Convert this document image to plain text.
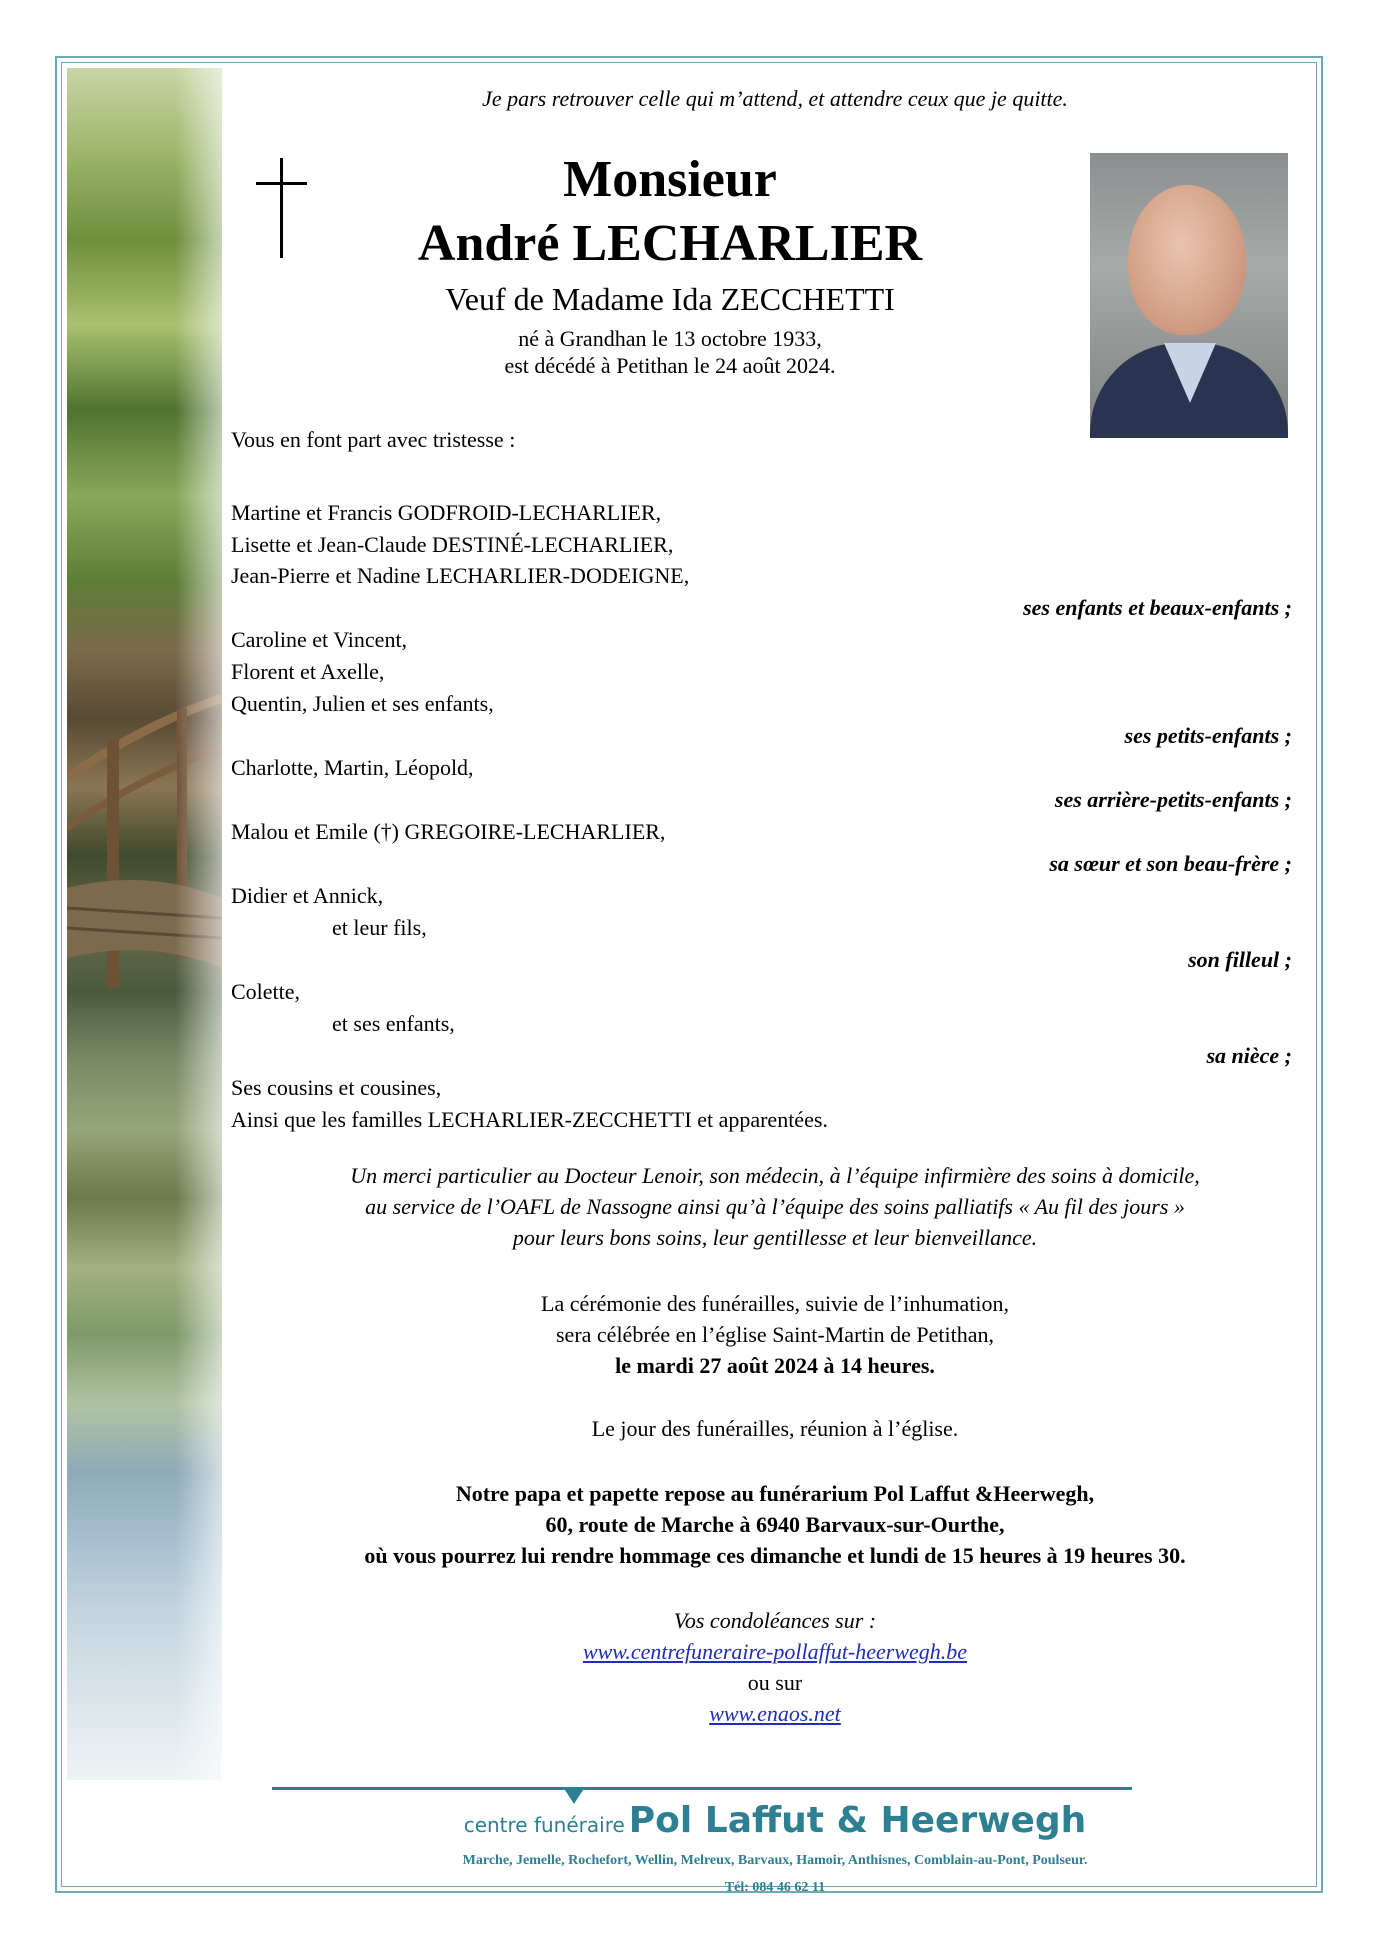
Je pars retrouver celle qui m’attend, et attendre ceux que je quitte.
Monsieur
André LECHARLIER
Veuf de Madame Ida ZECCHETTI
né à Grandhan le 13 octobre 1933,
est décédé à Petithan le 24 août 2024.
Vous en font part avec tristesse :
Martine et Francis GODFROID-LECHARLIER,
Lisette et Jean-Claude DESTINÉ-LECHARLIER,
Jean-Pierre et Nadine LECHARLIER-DODEIGNE,
ses enfants et beaux-enfants ;
Caroline et Vincent,
Florent et Axelle,
Quentin, Julien et ses enfants,
ses petits-enfants ;
Charlotte, Martin, Léopold,
ses arrière-petits-enfants ;
Malou et Emile (†) GREGOIRE-LECHARLIER,
sa sœur et son beau-frère ;
Didier et Annick,
et leur fils,
son filleul ;
Colette,
et ses enfants,
sa nièce ;
Ses cousins et cousines,
Ainsi que les familles LECHARLIER-ZECCHETTI et apparentées.
Un merci particulier au Docteur Lenoir, son médecin, à l’équipe infirmière des soins à domicile,
au service de l’OAFL de Nassogne ainsi qu’à l’équipe des soins palliatifs « Au fil des jours »
pour leurs bons soins, leur gentillesse et leur bienveillance.
La cérémonie des funérailles, suivie de l’inhumation,
sera célébrée en l’église Saint-Martin de Petithan,
le mardi 27 août 2024 à 14 heures.
Le jour des funérailles, réunion à l’église.
Notre papa et papette repose au funérarium Pol Laffut &Heerwegh,
60, route de Marche à 6940 Barvaux-sur-Ourthe,
où vous pourrez lui rendre hommage ces dimanche et lundi de 15 heures à 19 heures 30.
Vos condoléances sur :
www.centrefuneraire-pollaffut-heerwegh.be
ou sur
www.enaos.net
centre funéraire Pol Laffut & Heerwegh
Marche, Jemelle, Rochefort, Wellin, Melreux, Barvaux, Hamoir, Anthisnes, Comblain-au-Pont, Poulseur.
Tél: 084 46 62 11
